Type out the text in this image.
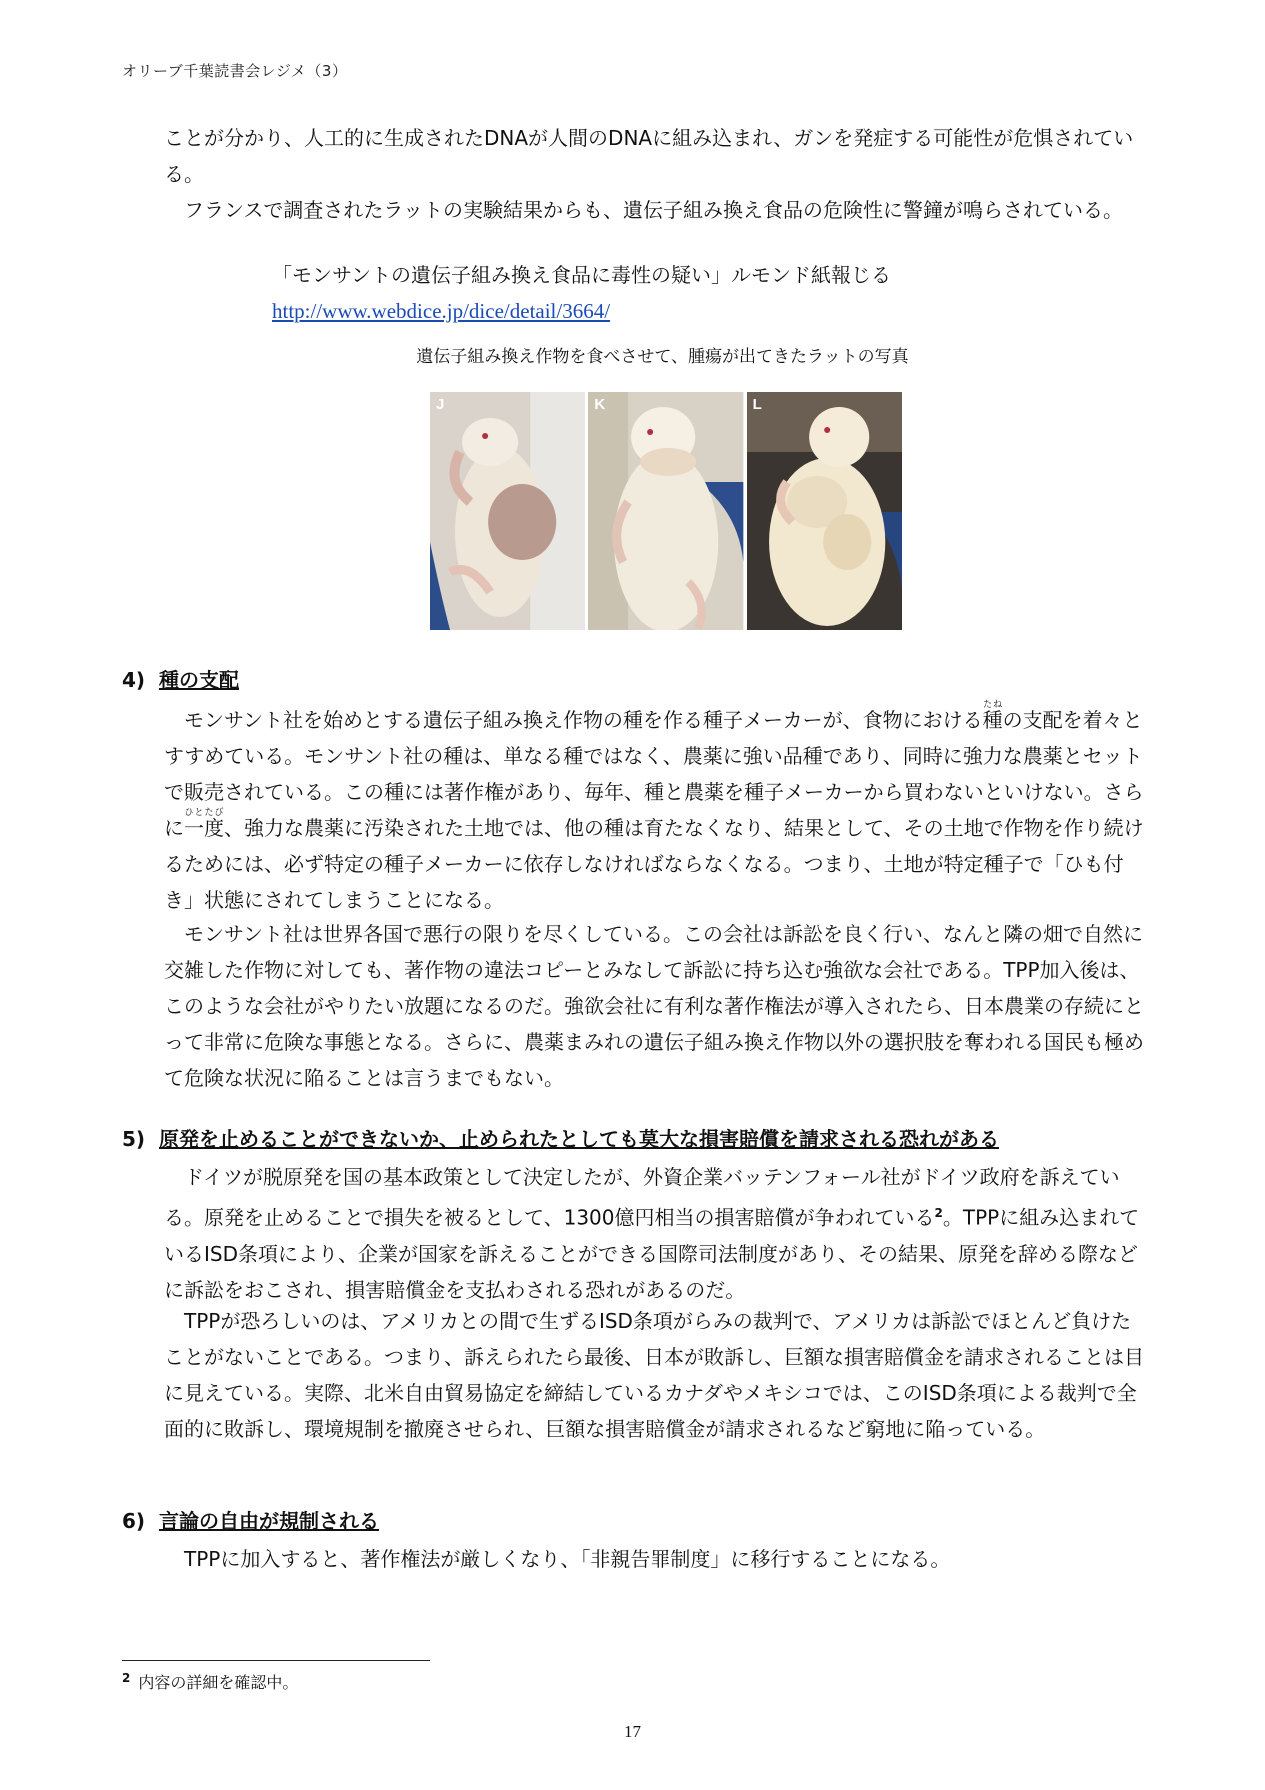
オリーブ千葉読書会レジメ（3）

ことが分かり、人工的に生成されたDNAが人間のDNAに組み込まれ、ガンを発症する可能性が危惧されている。

フランスで調査されたラットの実験結果からも、遺伝子組み換え食品の危険性に警鐘が鳴らされている。

「モンサントの遺伝子組み換え食品に毒性の疑い」ルモンド紙報じる
http://www.webdice.jp/dice/detail/3664/
遺伝子組み換え作物を食べさせて、腫瘍が出てきたラットの写真
J	K	L
4) 種の支配

モンサント社を始めとする遺伝子組み換え作物の種を作る種子メーカーが、食物における種たねの支配を着々とすすめている。モンサント社の種は、単なる種ではなく、農薬に強い品種であり、同時に強力な農薬とセットで販売されている。この種には著作権があり、毎年、種と農薬を種子メーカーから買わないといけない。さらに一度ひとたび、強力な農薬に汚染された土地では、他の種は育たなくなり、結果として、その土地で作物を作り続けるためには、必ず特定の種子メーカーに依存しなければならなくなる。つまり、土地が特定種子で「ひも付き」状態にされてしまうことになる。

モンサント社は世界各国で悪行の限りを尽くしている。この会社は訴訟を良く行い、なんと隣の畑で自然に交雑した作物に対しても、著作物の違法コピーとみなして訴訟に持ち込む強欲な会社である。TPP加入後は、このような会社がやりたい放題になるのだ。強欲会社に有利な著作権法が導入されたら、日本農業の存続にとって非常に危険な事態となる。さらに、農薬まみれの遺伝子組み換え作物以外の選択肢を奪われる国民も極めて危険な状況に陥ることは言うまでもない。

5) 原発を止めることができないか、止められたとしても莫大な損害賠償を請求される恐れがある

ドイツが脱原発を国の基本政策として決定したが、外資企業バッテンフォール社がドイツ政府を訴えている。原発を止めることで損失を被るとして、1300億円相当の損害賠償が争われている$^2$。TPPに組み込まれているISD条項により、企業が国家を訴えることができる国際司法制度があり、その結果、原発を辞める際などに訴訟をおこされ、損害賠償金を支払わされる恐れがあるのだ。

TPPが恐ろしいのは、アメリカとの間で生ずるISD条項がらみの裁判で、アメリカは訴訟でほとんど負けたことがないことである。つまり、訴えられたら最後、日本が敗訴し、巨額な損害賠償金を請求されることは目に見えている。実際、北米自由貿易協定を締結しているカナダやメキシコでは、このISD条項による裁判で全面的に敗訴し、環境規制を撤廃させられ、巨額な損害賠償金が請求されるなど窮地に陥っている。

6) 言論の自由が規制される

TPPに加入すると、著作権法が厳しくなり、「非親告罪制度」に移行することになる。

$^2$ 内容の詳細を確認中。
17
